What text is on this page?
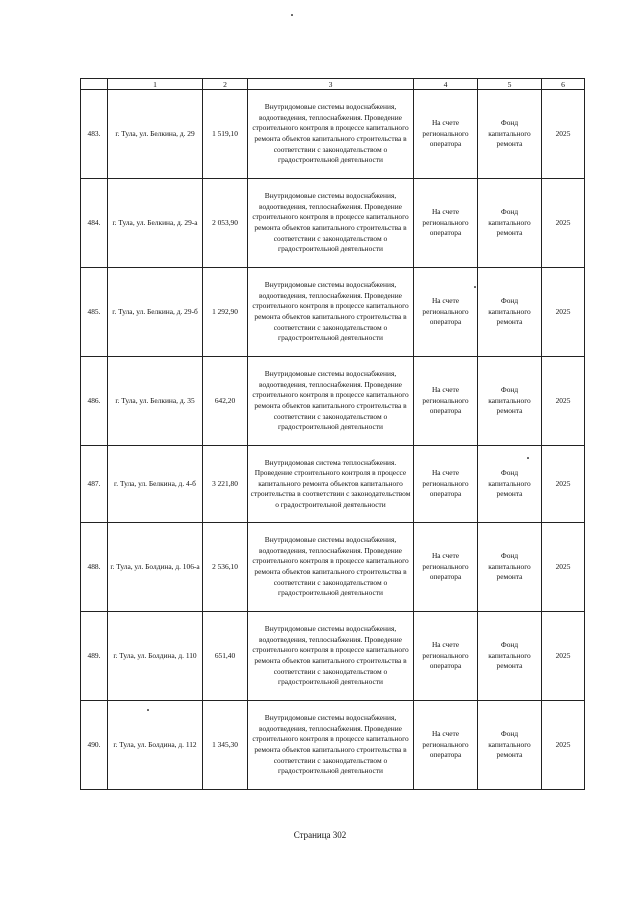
	1	2	3	4	5	6
483.	г. Тула, ул. Белкина, д. 29	1 519,10	Внутридомовые системы водоснабжения, водоотведения, теплоснабжения. Проведение строительного контроля в процессе капитального ремонта объектов капитального строительства в соответствии с законодательством о градостроительной деятельности	На счете регионального оператора	Фонд капитального ремонта	2025
484.	г. Тула, ул. Белкина, д. 29-а	2 053,90	Внутридомовые системы водоснабжения, водоотведения, теплоснабжения. Проведение строительного контроля в процессе капитального ремонта объектов капитального строительства в соответствии с законодательством о градостроительной деятельности	На счете регионального оператора	Фонд капитального ремонта	2025
485.	г. Тула, ул. Белкина, д. 29-б	1 292,90	Внутридомовые системы водоснабжения, водоотведения, теплоснабжения. Проведение строительного контроля в процессе капитального ремонта объектов капитального строительства в соответствии с законодательством о градостроительной деятельности	На счете регионального оператора	Фонд капитального ремонта	2025
486.	г. Тула, ул. Белкина, д. 35	642,20	Внутридомовые системы водоснабжения, водоотведения, теплоснабжения. Проведение строительного контроля в процессе капитального ремонта объектов капитального строительства в соответствии с законодательством о градостроительной деятельности	На счете регионального оператора	Фонд капитального ремонта	2025
487.	г. Тула, ул. Белкина, д. 4-б	3 221,80	Внутридомовая система теплоснабжения. Проведение строительного контроля в процессе капитального ремонта объектов капитального строительства в соответствии с законодательством о градостроительной деятельности	На счете регионального оператора	Фонд капитального ремонта	2025
488.	г. Тула, ул. Болдина, д. 106-а	2 536,10	Внутридомовые системы водоснабжения, водоотведения, теплоснабжения. Проведение строительного контроля в процессе капитального ремонта объектов капитального строительства в соответствии с законодательством о градостроительной деятельности	На счете регионального оператора	Фонд капитального ремонта	2025
489.	г. Тула, ул. Болдина, д. 110	651,40	Внутридомовые системы водоснабжения, водоотведения, теплоснабжения. Проведение строительного контроля в процессе капитального ремонта объектов капитального строительства в соответствии с законодательством о градостроительной деятельности	На счете регионального оператора	Фонд капитального ремонта	2025
490.	г. Тула, ул. Болдина, д. 112	1 345,30	Внутридомовые системы водоснабжения, водоотведения, теплоснабжения. Проведение строительного контроля в процессе капитального ремонта объектов капитального строительства в соответствии с законодательством о градостроительной деятельности	На счете регионального оператора	Фонд капитального ремонта	2025
Страница 302
